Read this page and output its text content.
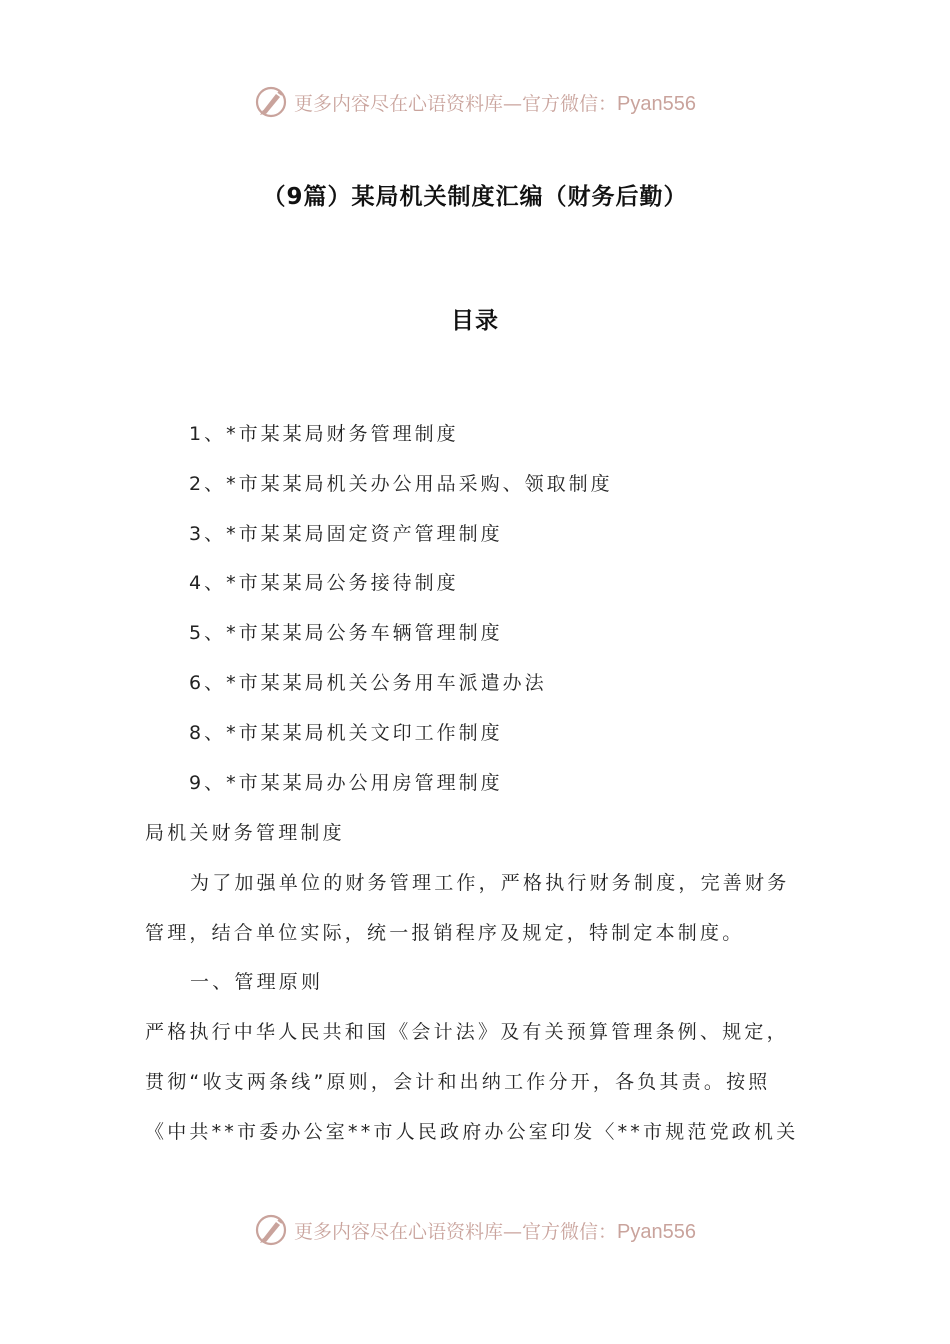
更多内容尽在心语资料库—官方微信：Pyan556
（9篇）某局机关制度汇编（财务后勤）
目录
1、*市某某局财务管理制度
2、*市某某局机关办公用品采购、领取制度
3、*市某某局固定资产管理制度
4、*市某某局公务接待制度
5、*市某某局公务车辆管理制度
6、*市某某局机关公务用车派遣办法
8、*市某某局机关文印工作制度
9、*市某某局办公用房管理制度

局机关财务管理制度

为了加强单位的财务管理工作，严格执行财务制度，完善财务

管理，结合单位实际，统一报销程序及规定，特制定本制度。

一、管理原则

严格执行中华人民共和国《会计法》及有关预算管理条例、规定，

贯彻“收支两条线”原则，会计和出纳工作分开，各负其责。按照

《中共**市委办公室**市人民政府办公室印发〈**市规范党政机关

更多内容尽在心语资料库—官方微信：Pyan556
